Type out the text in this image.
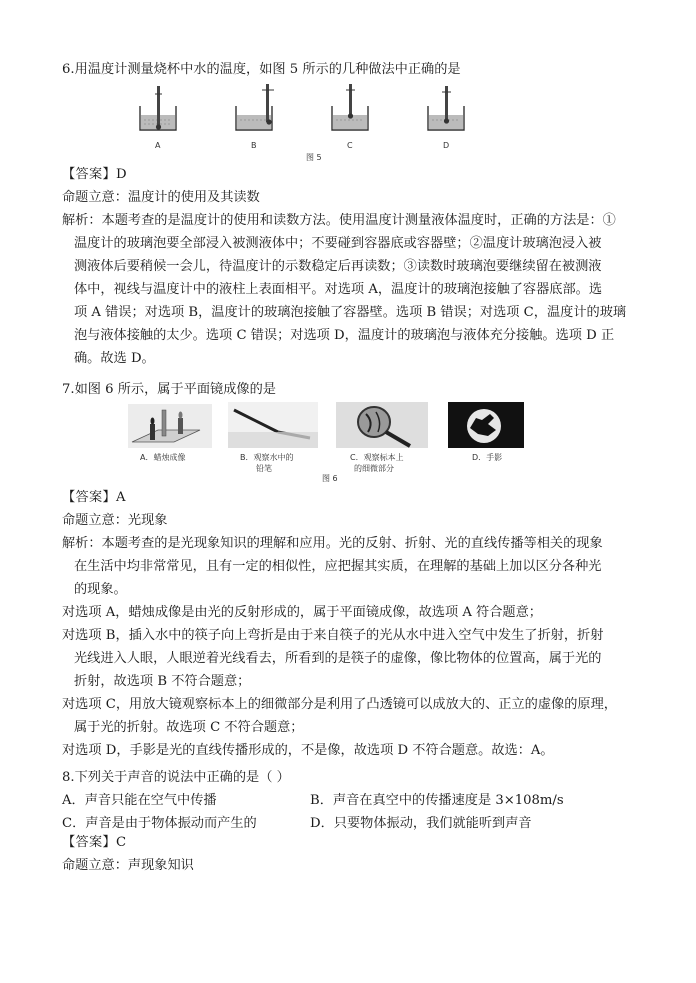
6.用温度计测量烧杯中水的温度，如图 5 所示的几种做法中正确的是
A	B	C	D
图 5
【答案】D
命题立意：温度计的使用及其读数
解析：本题考查的是温度计的使用和读数方法。使用温度计测量液体温度时，正确的方法是：①
温度计的玻璃泡要全部浸入被测液体中；不要碰到容器底或容器壁；②温度计玻璃泡浸入被
测液体后要稍候一会儿，待温度计的示数稳定后再读数；③读数时玻璃泡要继续留在被测液
体中，视线与温度计中的液柱上表面相平。对选项 A，温度计的玻璃泡接触了容器底部。选
项 A 错误；对选项 B，温度计的玻璃泡接触了容器壁。选项 B 错误；对选项 C，温度计的玻璃
泡与液体接触的太少。选项 C 错误；对选项 D，温度计的玻璃泡与液体充分接触。选项 D 正
确。故选 D。
7.如图 6 所示，属于平面镜成像的是
A．蜡烛成像	B．观察水中的
铅笔
C．观察标本上
的细微部分
D．手影
图 6
【答案】A
命题立意：光现象
解析：本题考查的是光现象知识的理解和应用。光的反射、折射、光的直线传播等相关的现象
在生活中均非常常见，且有一定的相似性，应把握其实质，在理解的基础上加以区分各种光
的现象。
对选项 A，蜡烛成像是由光的反射形成的，属于平面镜成像，故选项 A 符合题意；
对选项 B，插入水中的筷子向上弯折是由于来自筷子的光从水中进入空气中发生了折射，折射
光线进入人眼，人眼逆着光线看去，所看到的是筷子的虚像，像比物体的位置高，属于光的
折射，故选项 B 不符合题意；
对选项 C，用放大镜观察标本上的细微部分是利用了凸透镜可以成放大的、正立的虚像的原理，
属于光的折射。故选项 C 不符合题意；
对选项 D，手影是光的直线传播形成的，不是像，故选项 D 不符合题意。故选：A。
8.下列关于声音的说法中正确的是（ ）
A．声音只能在空气中传播	B．声音在真空中的传播速度是 3×108m/s
C．声音是由于物体振动而产生的	D．只要物体振动，我们就能听到声音
【答案】C
命题立意：声现象知识
